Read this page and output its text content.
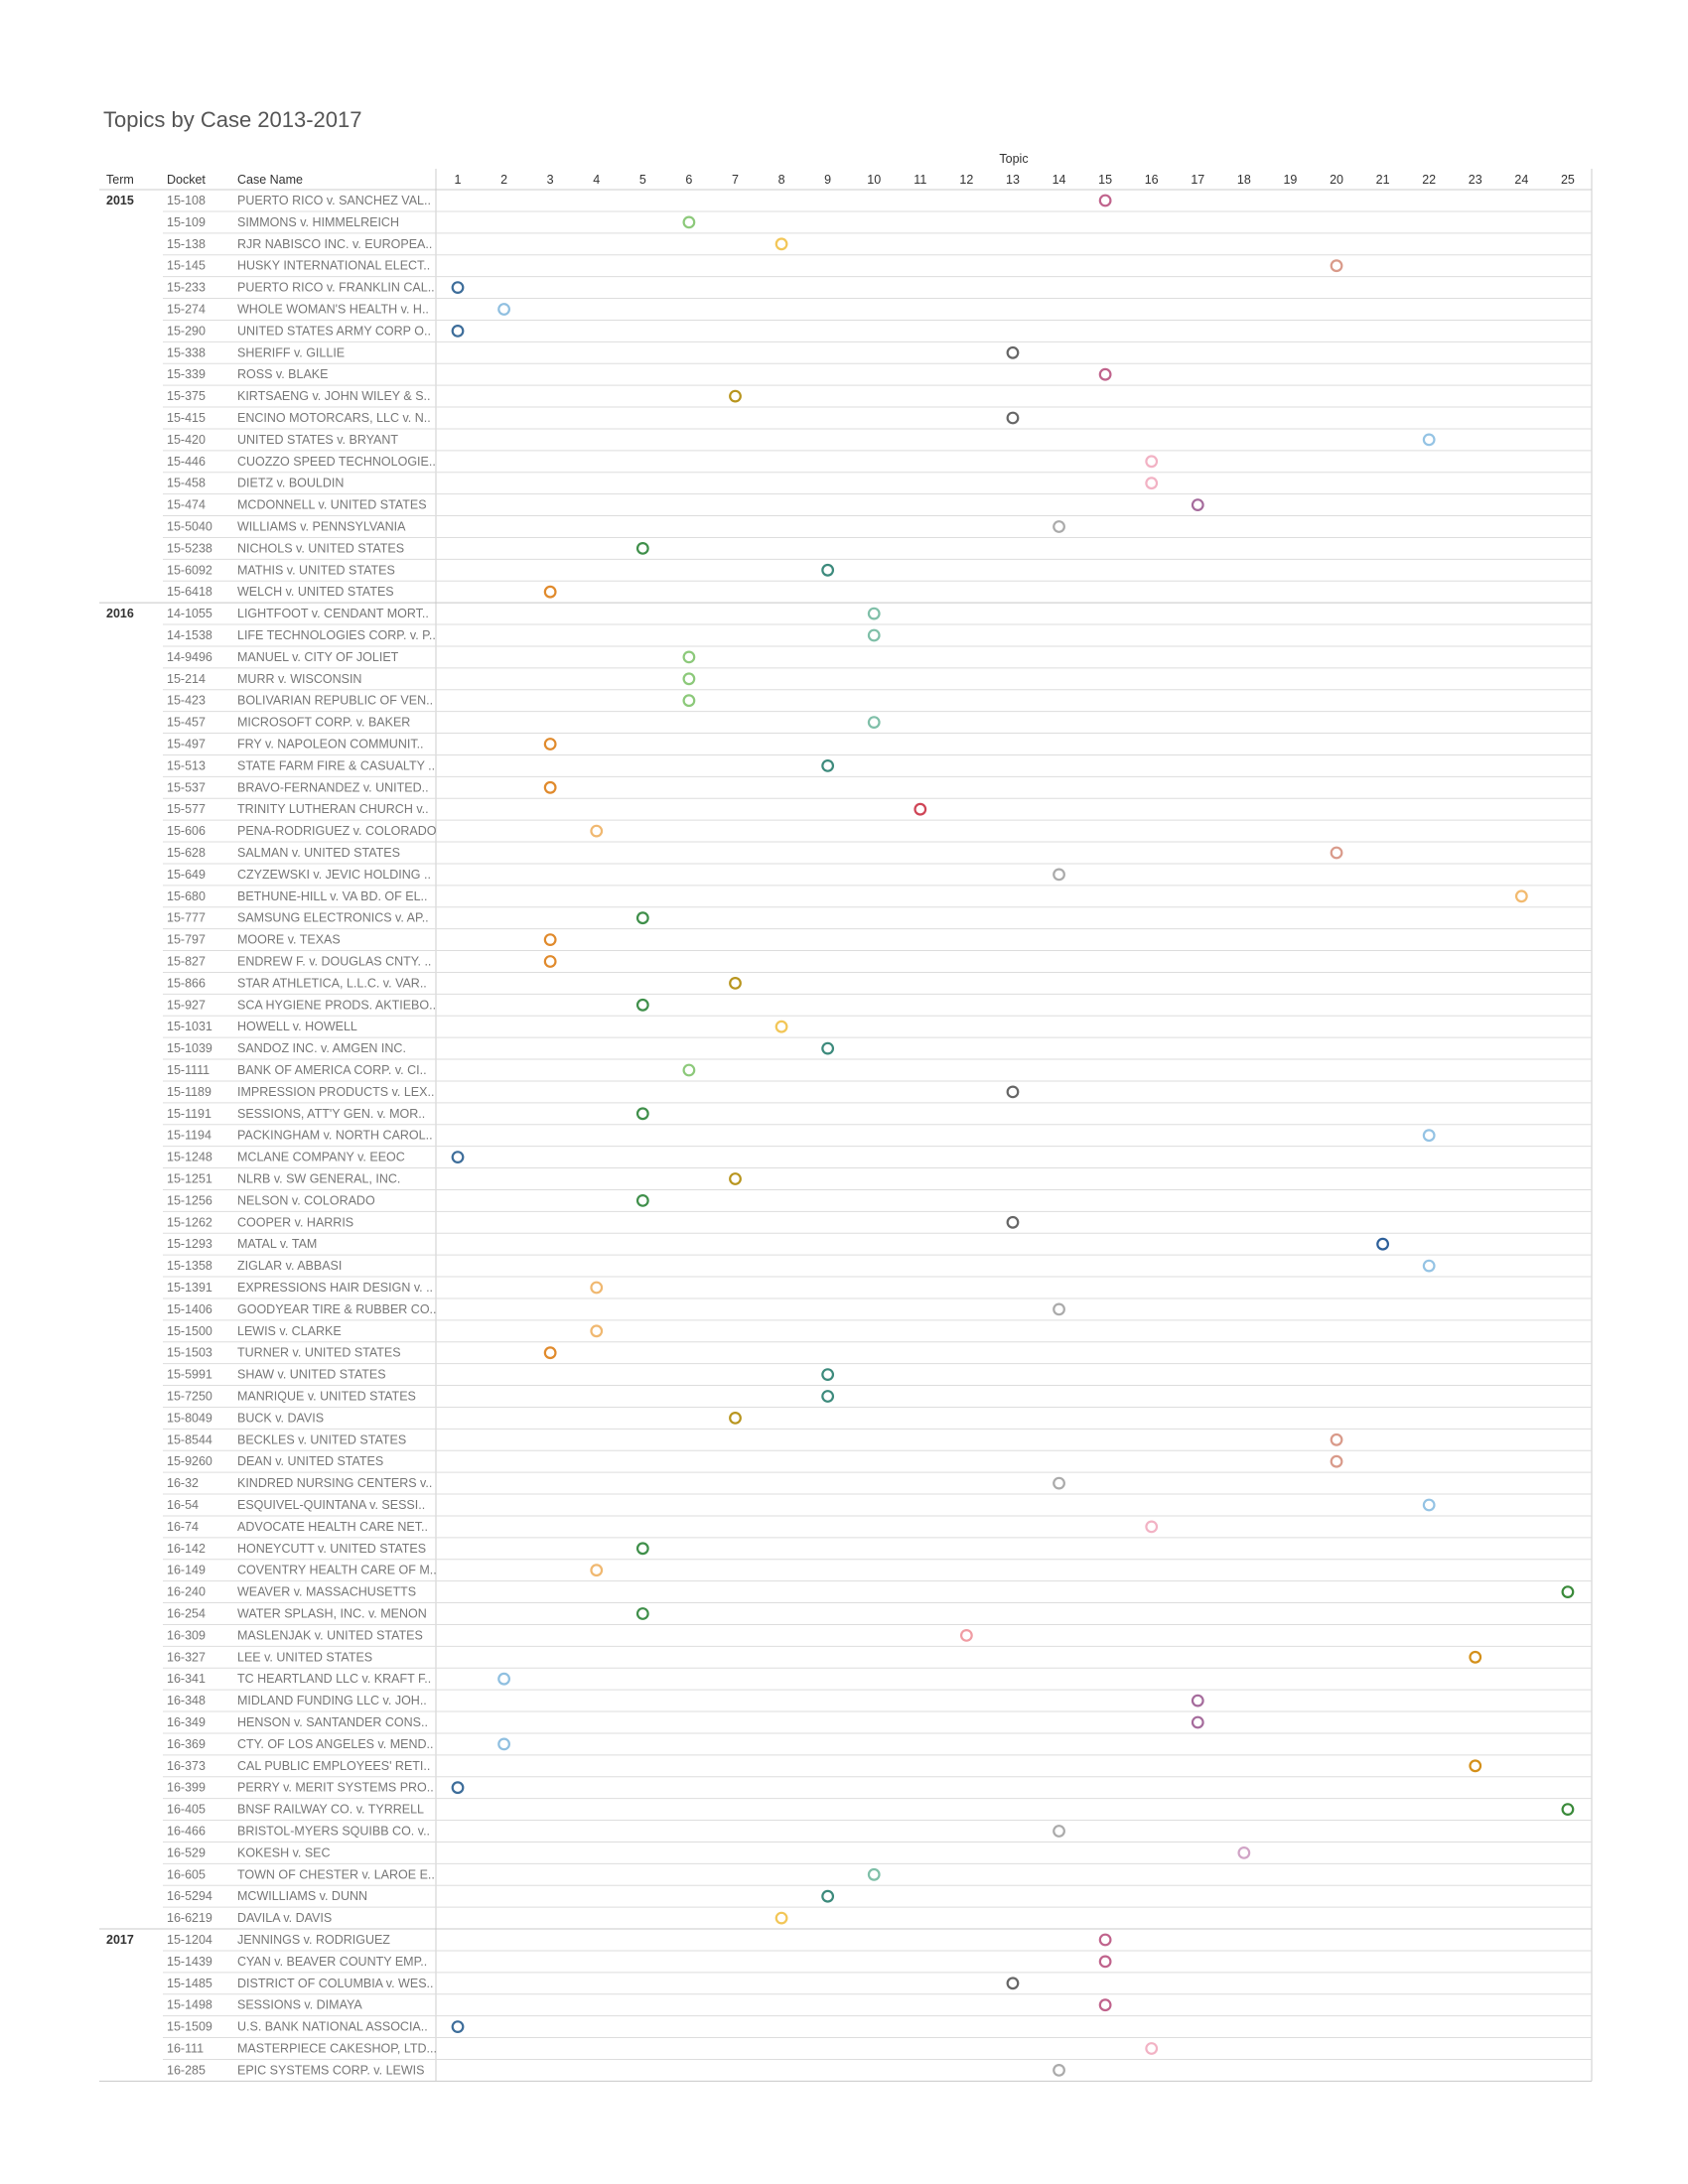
Topics by Case 2013-2017
Topic
Term	Docket	Case Name	1	2	3	4	5	6	7	8	9	10	11	12	13	14	15	16	17	18	19	20	21	22	23	24	25
2015	15-108	PUERTO RICO v. SANCHEZ VAL..
15-109	SIMMONS v. HIMMELREICH
15-138	RJR NABISCO INC. v. EUROPEA..
15-145	HUSKY INTERNATIONAL ELECT..
15-233	PUERTO RICO v. FRANKLIN CAL..
15-274	WHOLE WOMAN'S HEALTH v. H..
15-290	UNITED STATES ARMY CORP O..
15-338	SHERIFF v. GILLIE
15-339	ROSS v. BLAKE
15-375	KIRTSAENG v. JOHN WILEY & S..
15-415	ENCINO MOTORCARS, LLC v. N..
15-420	UNITED STATES v. BRYANT
15-446	CUOZZO SPEED TECHNOLOGIE..
15-458	DIETZ v. BOULDIN
15-474	MCDONNELL v. UNITED STATES
15-5040 WILLIAMS v. PENNSYLVANIA
15-5238 NICHOLS v. UNITED STATES
15-6092 MATHIS v. UNITED STATES
15-6418 WELCH v. UNITED STATES
2016	14-1055 LIGHTFOOT v. CENDANT MORT..
14-1538 LIFE TECHNOLOGIES CORP. v. P..
14-9496 MANUEL v. CITY OF JOLIET
15-214	MURR v. WISCONSIN
15-423	BOLIVARIAN REPUBLIC OF VEN..
15-457	MICROSOFT CORP. v. BAKER
15-497	FRY v. NAPOLEON COMMUNIT..
15-513	STATE FARM FIRE & CASUALTY ..
15-537	BRAVO-FERNANDEZ v. UNITED..
15-577	TRINITY LUTHERAN CHURCH v..
15-606	PENA-RODRIGUEZ v. COLORADO
15-628	SALMAN v. UNITED STATES
15-649	CZYZEWSKI v. JEVIC HOLDING ..
15-680	BETHUNE-HILL v. VA BD. OF EL..
15-777	SAMSUNG ELECTRONICS v. AP..
15-797	MOORE v. TEXAS
15-827	ENDREW F. v. DOUGLAS CNTY. ..
15-866	STAR ATHLETICA, L.L.C. v. VAR..
15-927	SCA HYGIENE PRODS. AKTIEBO..
15-1031 HOWELL v. HOWELL
15-1039 SANDOZ INC. v. AMGEN INC.
15-1111 BANK OF AMERICA CORP. v. CI..
15-1189 IMPRESSION PRODUCTS v. LEX..
15-1191 SESSIONS, ATT'Y GEN. v. MOR..
15-1194 PACKINGHAM v. NORTH CAROL..
15-1248 MCLANE COMPANY v. EEOC
15-1251 NLRB v. SW GENERAL, INC.
15-1256 NELSON v. COLORADO
15-1262 COOPER v. HARRIS
15-1293 MATAL v. TAM
15-1358 ZIGLAR v. ABBASI
15-1391 EXPRESSIONS HAIR DESIGN v. ..
15-1406 GOODYEAR TIRE & RUBBER CO..
15-1500 LEWIS v. CLARKE
15-1503 TURNER v. UNITED STATES
15-5991 SHAW v. UNITED STATES
15-7250 MANRIQUE v. UNITED STATES
15-8049 BUCK v. DAVIS
15-8544 BECKLES v. UNITED STATES
15-9260 DEAN v. UNITED STATES
16-32	KINDRED NURSING CENTERS v..
16-54	ESQUIVEL-QUINTANA v. SESSI..
16-74	ADVOCATE HEALTH CARE NET..
16-142	HONEYCUTT v. UNITED STATES
16-149	COVENTRY HEALTH CARE OF M..
16-240	WEAVER v. MASSACHUSETTS
16-254	WATER SPLASH, INC. v. MENON
16-309	MASLENJAK v. UNITED STATES
16-327	LEE v. UNITED STATES
16-341	TC HEARTLAND LLC v. KRAFT F..
16-348	MIDLAND FUNDING LLC v. JOH..
16-349	HENSON v. SANTANDER CONS..
16-369	CTY. OF LOS ANGELES v. MEND..
16-373	CAL PUBLIC EMPLOYEES' RETI..
16-399	PERRY v. MERIT SYSTEMS PRO..
16-405	BNSF RAILWAY CO. v. TYRRELL
16-466	BRISTOL-MYERS SQUIBB CO. v..
16-529	KOKESH v. SEC
16-605	TOWN OF CHESTER v. LAROE E..
16-5294 MCWILLIAMS v. DUNN
16-6219 DAVILA v. DAVIS
2017	15-1204 JENNINGS v. RODRIGUEZ
15-1439 CYAN v. BEAVER COUNTY EMP..
15-1485 DISTRICT OF COLUMBIA v. WES..
15-1498 SESSIONS v. DIMAYA
15-1509 U.S. BANK NATIONAL ASSOCIA..
16-111	MASTERPIECE CAKESHOP, LTD...
16-285	EPIC SYSTEMS CORP. v. LEWIS
